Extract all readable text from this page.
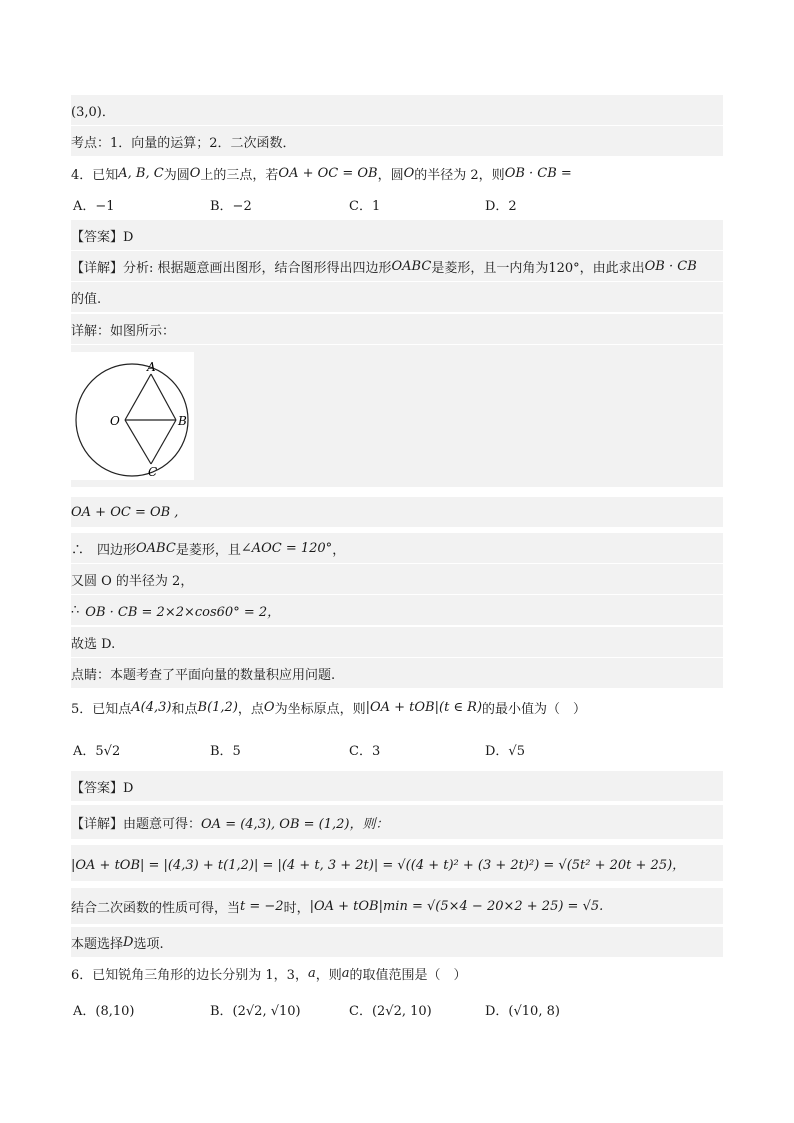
(3,0)．
考点：1．向量的运算；2．二次函数．
4．已知 A, B, C 为圆 O 上的三点，若 OA + OC = OB ，圆 O 的半径为 2，则 OB · CB =
A．−1	B．−2	C．1	D．2
【答案】D
【详解】分析: 根据题意画出图形，结合图形得出四边形 OABC 是菱形，且一内角为120°，由此求出 OB · CB
的值.
详解：如图所示：
A
B
C
O
OA + OC = OB ,
∴　四边形 OABC 是菱形，且 ∠AOC = 120° ，
又圆 O 的半径为 2，
∴ OB · CB = 2×2×cos60° = 2，
故选 D.
点睛：本题考查了平面向量的数量积应用问题.
5．已知点 A(4,3) 和点 B(1,2) ，点 O 为坐标原点，则 |OA + tOB|(t ∈ R) 的最小值为（　）
A．5√2	B．5	C．3	D．√5
【答案】D
【详解】由题意可得： OA = (4,3), OB = (1,2)，则：
|OA + tOB| = |(4,3) + t(1,2)| = |(4 + t, 3 + 2t)| = √((4 + t)² + (3 + 2t)²) = √(5t² + 20t + 25)，
结合二次函数的性质可得，当 t = −2 时， |OA + tOB|min = √(5×4 − 20×2 + 25) = √5.
本题选择 D 选项.
6．已知锐角三角形的边长分别为 1，3， a ，则 a 的取值范围是（　）
A．(8,10)	B．(2√2, √10)	C．(2√2, 10)	D．(√10, 8)
